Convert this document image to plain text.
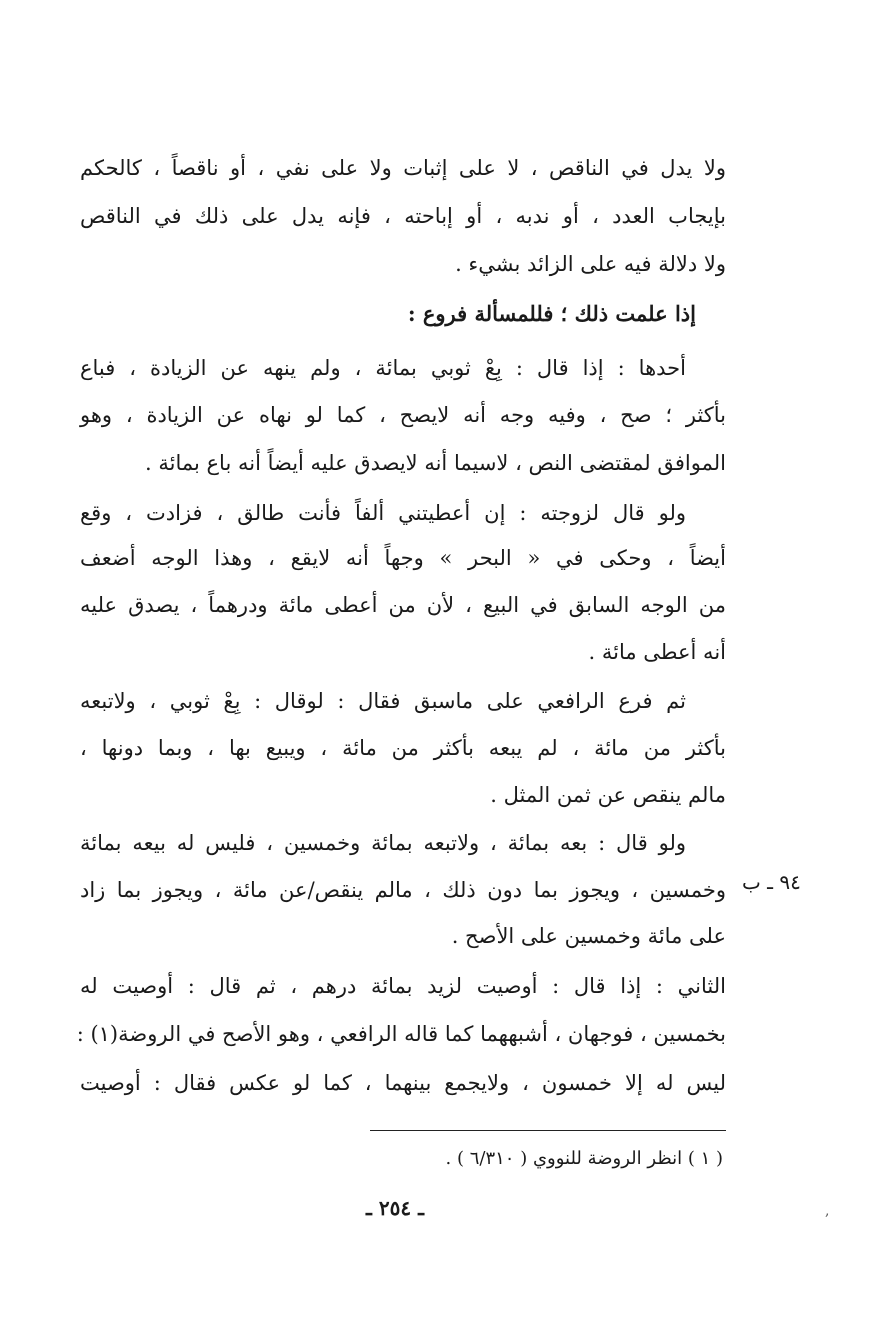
ولا يدل في الناقص ، لا على إثبات ولا على نفي ، أو ناقصاً ، كالحكم
بإيجاب العدد ، أو ندبه ، أو إباحته ، فإنه يدل على ذلك في الناقص
ولا دلالة فيه على الزائد بشيء .
إذا علمت ذلك ؛ فللمسألة فروع :
أحدها : إذا قال : بِعْ ثوبي بمائة ، ولم ينهه عن الزيادة ، فباع
بأكثر ؛ صح ، وفيه وجه أنه لايصح ، كما لو نهاه عن الزيادة ، وهو
الموافق لمقتضى النص ، لاسيما أنه لايصدق عليه أيضاً أنه باع بمائة .
ولو قال لزوجته : إن أعطيتني ألفاً فأنت طالق ، فزادت ، وقع
أيضاً ، وحكى في « البحر » وجهاً أنه لايقع ، وهذا الوجه أضعف
من الوجه السابق في البيع ، لأن من أعطى مائة ودرهماً ، يصدق عليه
أنه أعطى مائة .
ثم فرع الرافعي على ماسبق فقال : لوقال : بِعْ ثوبي ، ولاتبعه
بأكثر من مائة ، لم يبعه بأكثر من مائة ، ويبيع بها ، وبما دونها ،
مالم ينقص عن ثمن المثل .
ولو قال : بعه بمائة ، ولاتبعه بمائة وخمسين ، فليس له بيعه بمائة
وخمسين ، ويجوز بما دون ذلك ، مالم ينقص/عن مائة ، ويجوز بما زاد
على مائة وخمسين على الأصح .
الثاني : إذا قال : أوصيت لزيد بمائة درهم ، ثم قال : أوصيت له
بخمسين ، فوجهان ، أشبههما كما قاله الرافعي ، وهو الأصح في الروضة(١) :
ليس له إلا خمسون ، ولايجمع بينهما ، كما لو عكس فقال : أوصيت
٩٤ ـ ب
( ١ ) انظر الروضة للنووي ( ٦/٣١٠ ) .
ـ ٢٥٤ ـ	,
